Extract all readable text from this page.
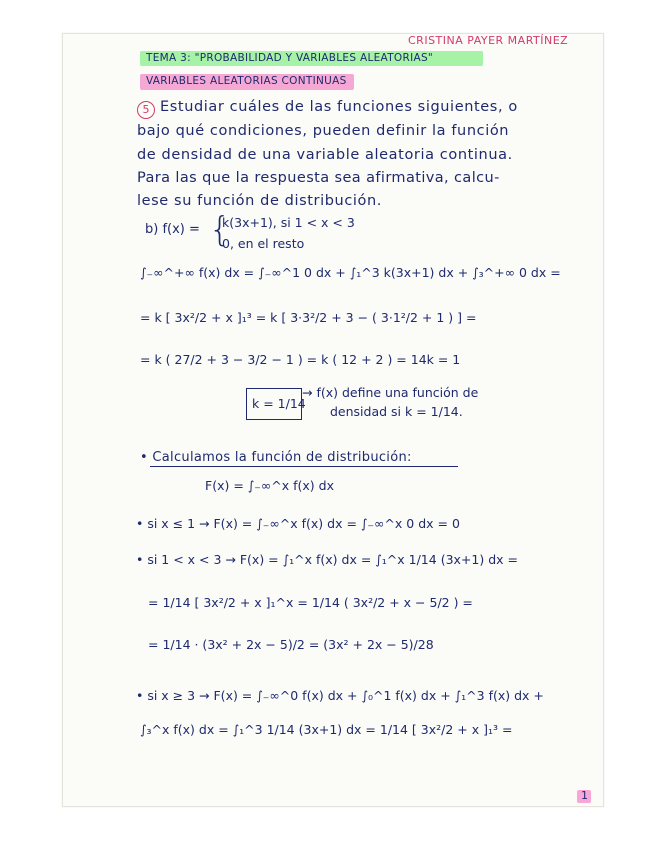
CRISTINA PAYER MARTÍNEZ
TEMA 3: "PROBABILIDAD Y VARIABLES ALEATORIAS"
VARIABLES ALEATORIAS CONTINUAS
5 Estudiar cuáles de las funciones siguientes, o
bajo qué condiciones, pueden definir la función
de densidad de una variable aleatoria continua.
Para las que la respuesta sea afirmativa, calcu-
lese su función de distribución.
b) f(x) = {
k(3x+1), si 1 < x < 3
0, en el resto
∫₋∞^+∞ f(x) dx = ∫₋∞^1 0 dx + ∫₁^3 k(3x+1) dx + ∫₃^+∞ 0 dx =
= k [ 3x²/2 + x ]₁³ = k [ 3·3²/2 + 3 − ( 3·1²/2 + 1 ) ] =
= k ( 27/2 + 3 − 3/2 − 1 ) = k ( 12 + 2 ) = 14k = 1
k = 1/14
→ f(x) define una función de
densidad si k = 1/14.
• Calculamos la función de distribución:
F(x) = ∫₋∞^x f(x) dx
• si x ≤ 1 → F(x) = ∫₋∞^x f(x) dx = ∫₋∞^x 0 dx = 0
• si 1 < x < 3 → F(x) = ∫₁^x f(x) dx = ∫₁^x 1/14 (3x+1) dx =
= 1/14 [ 3x²/2 + x ]₁^x = 1/14 ( 3x²/2 + x − 5/2 ) =
= 1/14 · (3x² + 2x − 5)/2 = (3x² + 2x − 5)/28
• si x ≥ 3 → F(x) = ∫₋∞^0 f(x) dx + ∫₀^1 f(x) dx + ∫₁^3 f(x) dx +
∫₃^x f(x) dx = ∫₁^3 1/14 (3x+1) dx = 1/14 [ 3x²/2 + x ]₁³ =
1
